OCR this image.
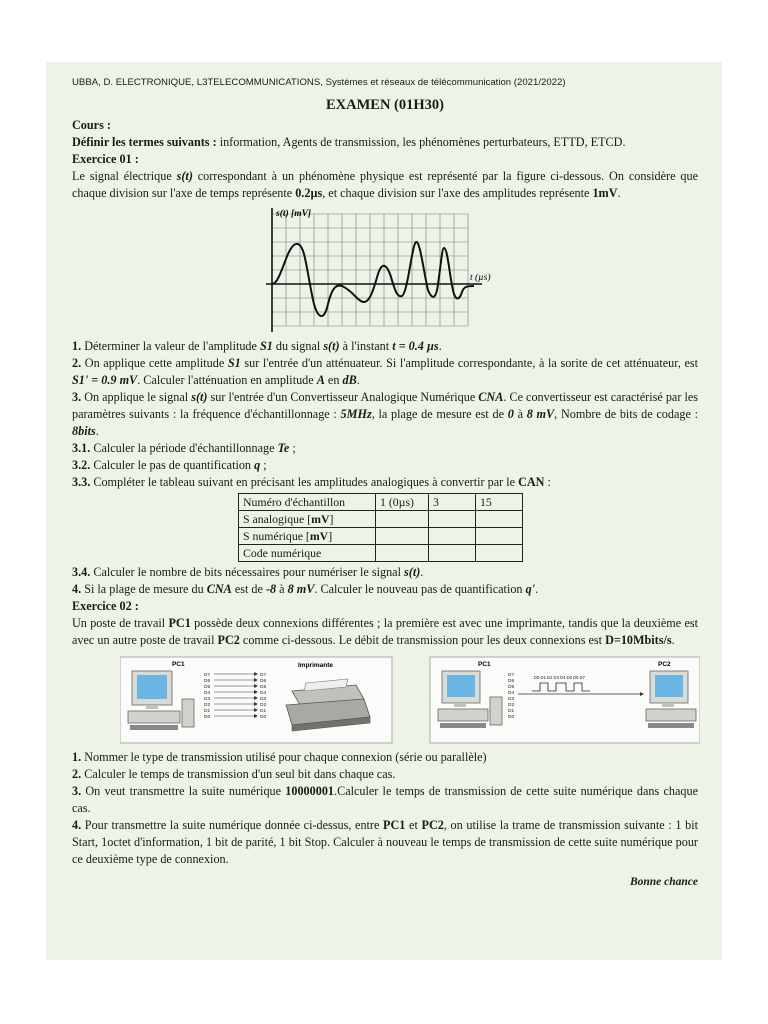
UBBA, D. ELECTRONIQUE, L3TELECOMMUNICATIONS, Systèmes et réseaux de télécommunication (2021/2022)
EXAMEN (01H30)
Cours :

Définir les termes suivants : information, Agents de transmission, les phénomènes perturbateurs, ETTD, ETCD.

Exercice 01 :

Le signal électrique s(t) correspondant à un phénomène physique est représenté par la figure ci-dessous. On considère que chaque division sur l'axe de temps représente 0.2µs, et chaque division sur l'axe des amplitudes représente 1mV.

s(t) [mV]
t (µs)

1. Déterminer la valeur de l'amplitude S1 du signal s(t) à l'instant t = 0.4 µs.

2. On applique cette amplitude S1 sur l'entrée d'un atténuateur. Si l'amplitude correspondante, à la sorite de cet atténuateur, est S1' = 0.9 mV. Calculer l'atténuation en amplitude A en dB.

3. On applique le signal s(t) sur l'entrée d'un Convertisseur Analogique Numérique CNA. Ce convertisseur est caractérisé par les paramètres suivants : la fréquence d'échantillonnage : 5MHz, la plage de mesure est de 0 à 8 mV, Nombre de bits de codage : 8bits.

3.1. Calculer la période d'échantillonnage Te ;

3.2. Calculer le pas de quantification q ;

3.3. Compléter le tableau suivant en précisant les amplitudes analogiques à convertir par le CAN :

Numéro d'échantillon	1 (0µs)	3	15
S analogique [mV]			
S numérique [mV]			
Code numérique			

3.4. Calculer le nombre de bits nécessaires pour numériser le signal s(t).

4. Si la plage de mesure du CNA est de -8 à 8 mV. Calculer le nouveau pas de quantification q'.

Exercice 02 :

Un poste de travail PC1 possède deux connexions différentes ; la première est avec une imprimante, tandis que la deuxième est avec un autre poste de travail PC2 comme ci-dessous. Le débit de transmission pour les deux connexions est D=10Mbits/s.

PC1
D7
D6
D5
D4
D3
D2
D1
D0
D7
D6
D5
D4
D3
D2
D1
D0
Imprimante	PC1	PC2
D7
D6
D5
D4
D3
D2
D1
D0
D0 D1 D2 D3 D4 D5 D6 D7

1. Nommer le type de transmission utilisé pour chaque connexion (série ou parallèle)

2. Calculer le temps de transmission d'un seul bit dans chaque cas.

3. On veut transmettre la suite numérique 10000001.Calculer le temps de transmission de cette suite numérique dans chaque cas.

4. Pour transmettre la suite numérique donnée ci-dessus, entre PC1 et PC2, on utilise la trame de transmission suivante : 1 bit Start, 1octet d'information, 1 bit de parité, 1 bit Stop. Calculer à nouveau le temps de transmission de cette suite numérique pour ce deuxième type de connexion.

Bonne chance
